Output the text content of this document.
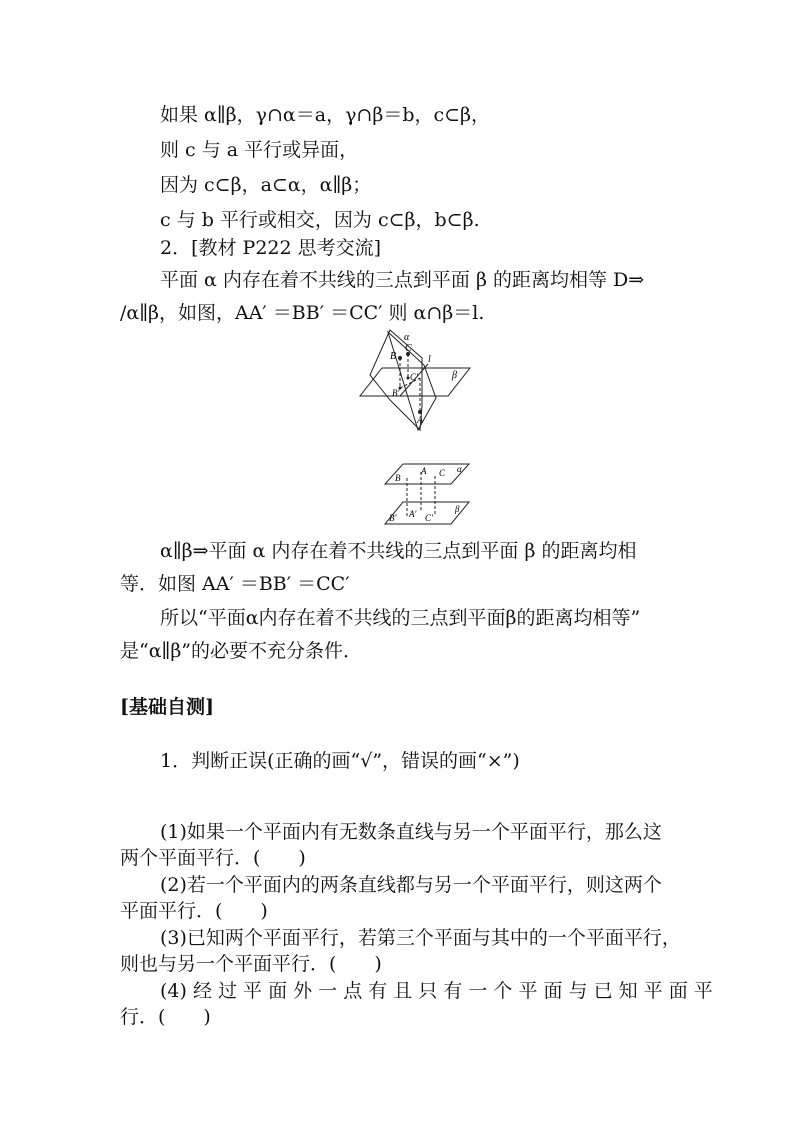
如果 α∥β，γ∩α＝a，γ∩β＝b，c⊂β，
则 c 与 a 平行或异面，
因为 c⊂β，a⊂α，α∥β；
c 与 b 平行或相交，因为 c⊂β，b⊂β.
2．[教材 P222 思考交流]
平面 α 内存在着不共线的三点到平面 β 的距离均相等 D⇒
/α∥β，如图，AA′ ＝BB′ ＝CC′ 则 α∩β＝l.
α
β
l
B
C
C′
B′
A
A C α
B
β
B′ A′ C′
α∥β⇒平面 α 内存在着不共线的三点到平面 β 的距离均相
等．如图 AA′ ＝BB′ ＝CC′
所以“平面α内存在着不共线的三点到平面β的距离均相等”
是“α∥β”的必要不充分条件．
[基础自测]
1．判断正误(正确的画“√”，错误的画“×”)
(1)如果一个平面内有无数条直线与另一个平面平行，那么这
两个平面平行．(　　)
(2)若一个平面内的两条直线都与另一个平面平行，则这两个
平面平行．(　　)
(3)已知两个平面平行，若第三个平面与其中的一个平面平行，
则也与另一个平面平行．(　　)
(4) 经 过 平 面 外 一 点 有 且 只 有 一 个 平 面 与 已 知 平 面 平
行．(　　)
